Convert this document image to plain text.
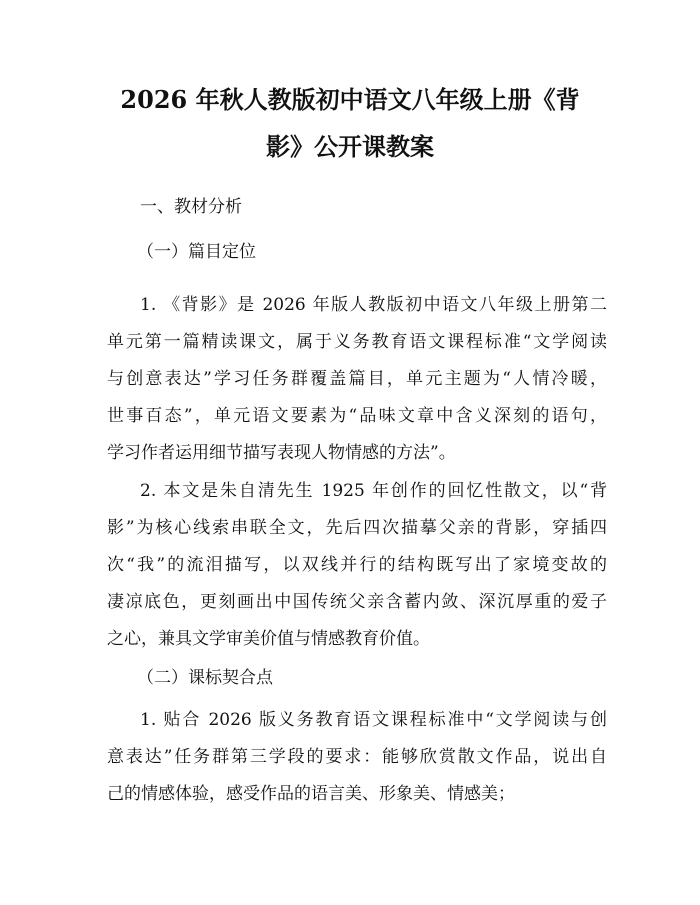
2026 年秋人教版初中语文八年级上册《背
影》公开课教案
一、教材分析
（一）篇目定位
1. 《背影》是 2026 年版人教版初中语文八年级上册第二
单元第一篇精读课文，属于义务教育语文课程标准“文学阅读
与创意表达”学习任务群覆盖篇目，单元主题为“人情冷暖，
世事百态”，单元语文要素为“品味文章中含义深刻的语句，
学习作者运用细节描写表现人物情感的方法”。
2. 本文是朱自清先生 1925 年创作的回忆性散文，以“背
影”为核心线索串联全文，先后四次描摹父亲的背影，穿插四
次“我”的流泪描写，以双线并行的结构既写出了家境变故的
凄凉底色，更刻画出中国传统父亲含蓄内敛、深沉厚重的爱子
之心，兼具文学审美价值与情感教育价值。
（二）课标契合点
1. 贴合 2026 版义务教育语文课程标准中“文学阅读与创
意表达”任务群第三学段的要求：能够欣赏散文作品，说出自
己的情感体验，感受作品的语言美、形象美、情感美；
